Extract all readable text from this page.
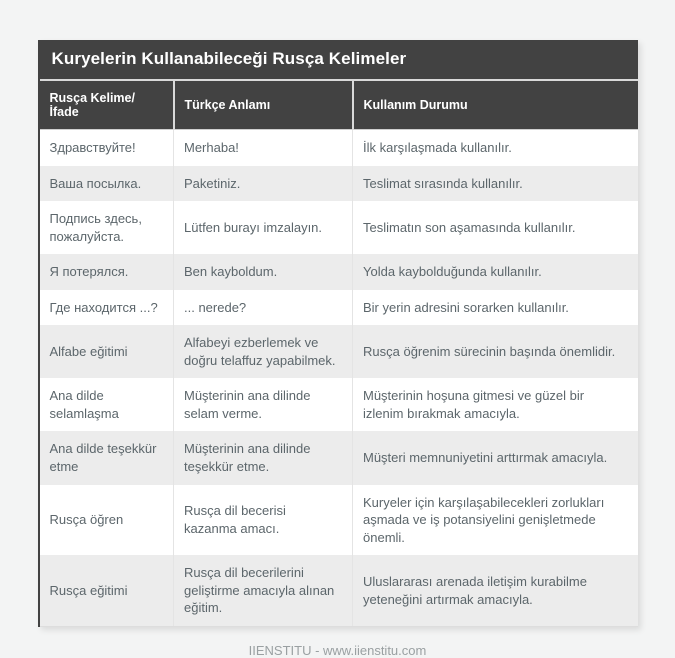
Kuryelerin Kullanabileceği Rusça Kelimeler
Rusça Kelime/İfade	Türkçe Anlamı	Kullanım Durumu
Здравствуйте!	Merhaba!	İlk karşılaşmada kullanılır.
Ваша посылка.	Paketiniz.	Teslimat sırasında kullanılır.
Подпись здесь, пожалуйста.	Lütfen burayı imzalayın.	Teslimatın son aşamasında kullanılır.
Я потерялся.	Ben kayboldum.	Yolda kaybolduğunda kullanılır.
Где находится ...?	... nerede?	Bir yerin adresini sorarken kullanılır.
Alfabe eğitimi	Alfabeyi ezberlemek ve doğru telaffuz yapabilmek.	Rusça öğrenim sürecinin başında önemlidir.
Ana dilde selamlaşma	Müşterinin ana dilinde selam verme.	Müşterinin hoşuna gitmesi ve güzel bir izlenim bırakmak amacıyla.
Ana dilde teşekkür etme	Müşterinin ana dilinde teşekkür etme.	Müşteri memnuniyetini arttırmak amacıyla.
Rusça öğren	Rusça dil becerisi kazanma amacı.	Kuryeler için karşılaşabilecekleri zorlukları aşmada ve iş potansiyelini genişletmede önemli.
Rusça eğitimi	Rusça dil becerilerini geliştirme amacıyla alınan eğitim.	Uluslararası arenada iletişim kurabilme yeteneğini artırmak amacıyla.
IIENSTITU - www.iienstitu.com
